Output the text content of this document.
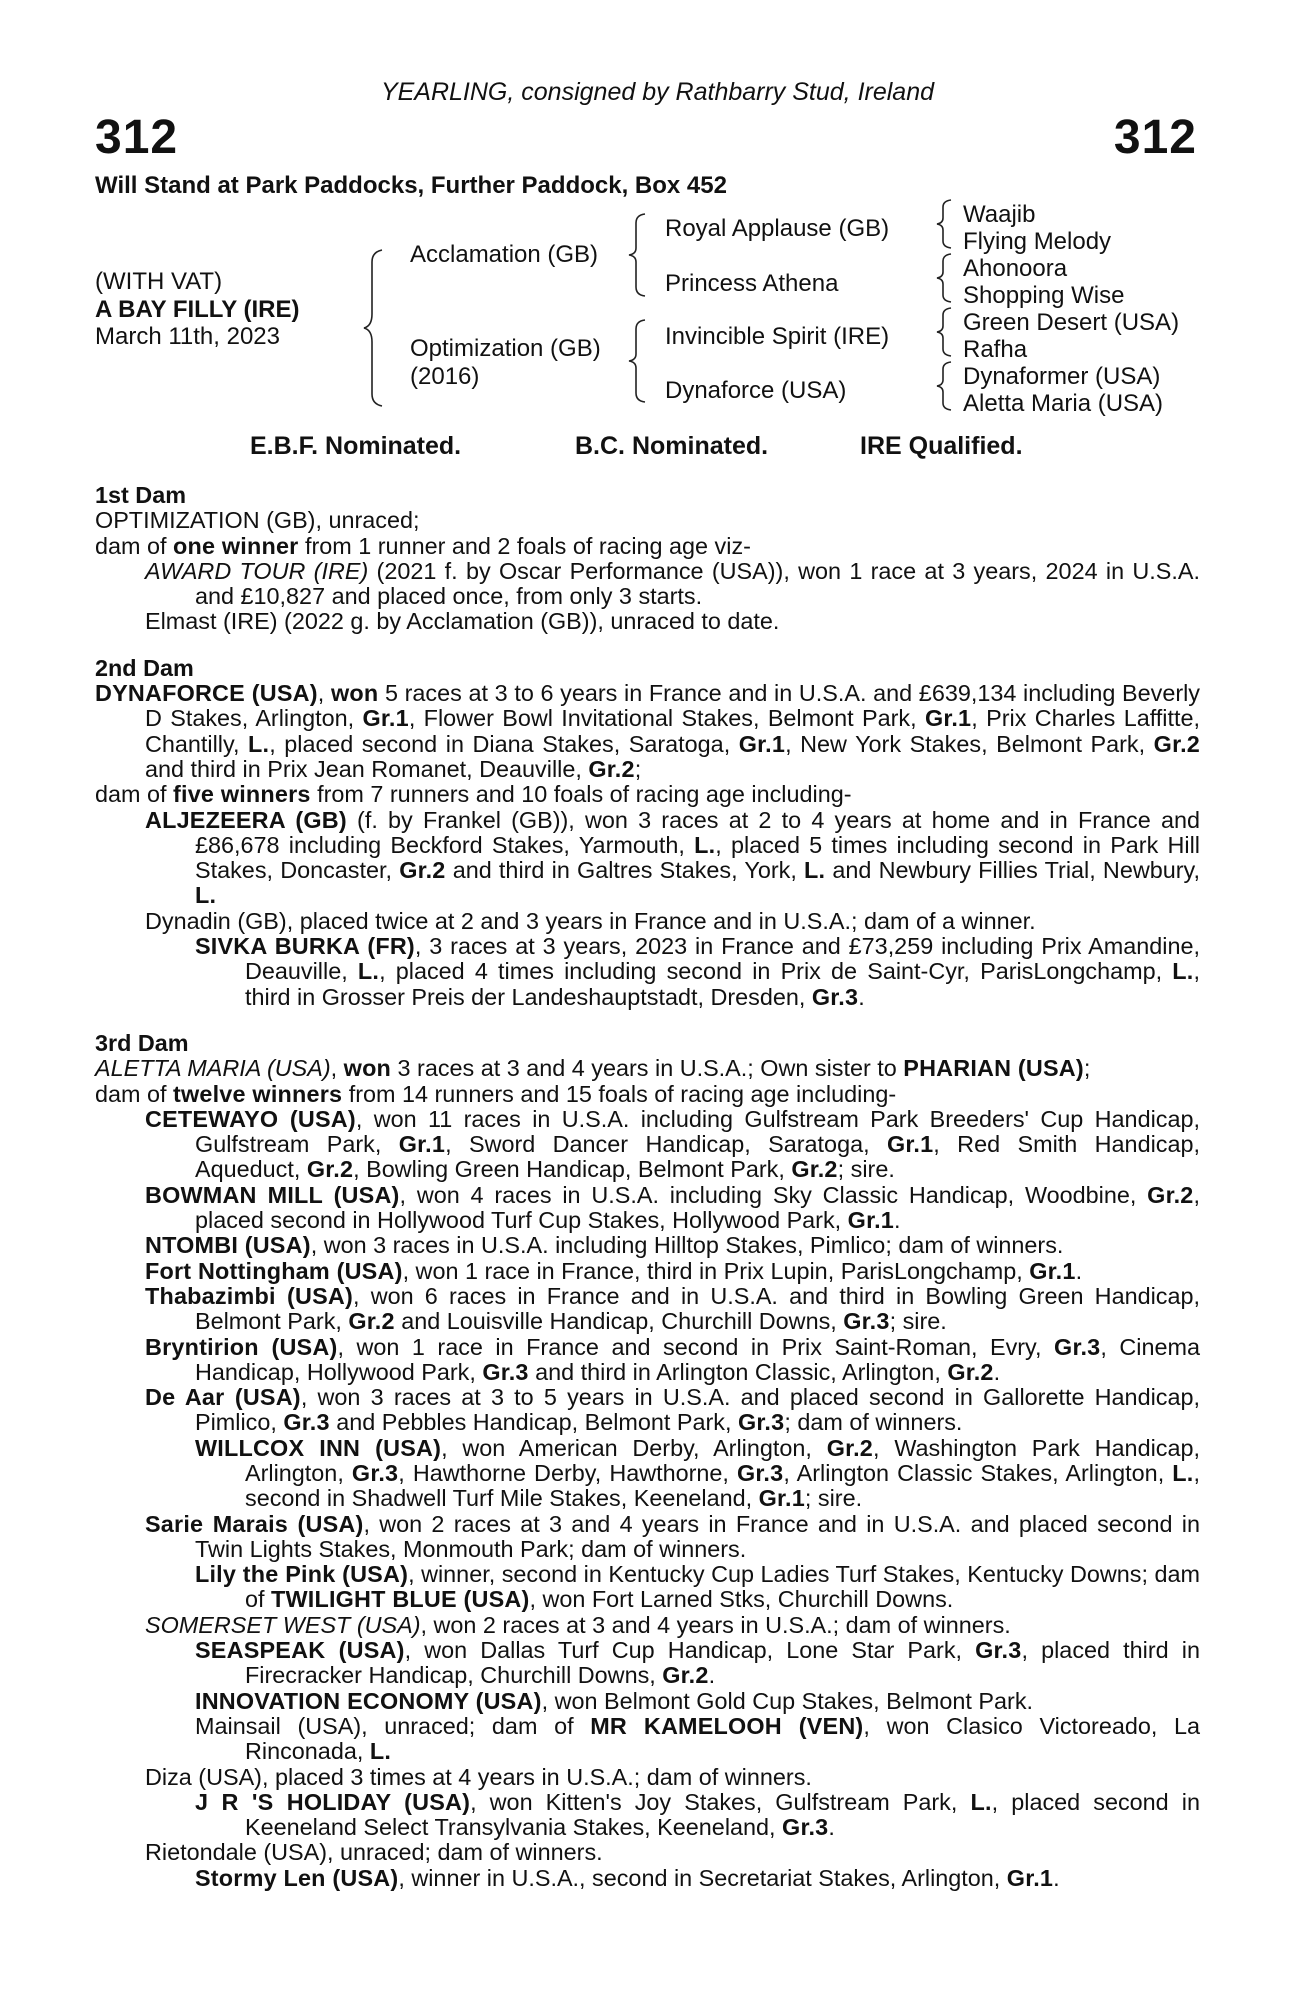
YEARLING, consigned by Rathbarry Stud, Ireland
312	312
Will Stand at Park Paddocks, Further Paddock, Box 452
(WITH VAT)
A BAY FILLY (IRE)
March 11th, 2023
Acclamation (GB)
Optimization (GB)
(2016)
Royal Applause (GB)
Princess Athena
Invincible Spirit (IRE)
Dynaforce (USA)
Waajib
Flying Melody
Ahonoora
Shopping Wise
Green Desert (USA)
Rafha
Dynaformer (USA)
Aletta Maria (USA)
E.B.F. Nominated.	B.C. Nominated.	IRE Qualified.

1st Dam

OPTIMIZATION (GB), unraced;

dam of one winner from 1 runner and 2 foals of racing age viz-

AWARD TOUR (IRE) (2021 f. by Oscar Performance (USA)), won 1 race at 3 years, 2024 in U.S.A. and £10,827 and placed once, from only 3 starts.

Elmast (IRE) (2022 g. by Acclamation (GB)), unraced to date.

2nd Dam

DYNAFORCE (USA), won 5 races at 3 to 6 years in France and in U.S.A. and £639,134 including Beverly D Stakes, Arlington, Gr.1, Flower Bowl Invitational Stakes, Belmont Park, Gr.1, Prix Charles Laffitte, Chantilly, L., placed second in Diana Stakes, Saratoga, Gr.1, New York Stakes, Belmont Park, Gr.2 and third in Prix Jean Romanet, Deauville, Gr.2;

dam of five winners from 7 runners and 10 foals of racing age including-

ALJEZEERA (GB) (f. by Frankel (GB)), won 3 races at 2 to 4 years at home and in France and £86,678 including Beckford Stakes, Yarmouth, L., placed 5 times including second in Park Hill Stakes, Doncaster, Gr.2 and third in Galtres Stakes, York, L. and Newbury Fillies Trial, Newbury, L.

Dynadin (GB), placed twice at 2 and 3 years in France and in U.S.A.; dam of a winner.

SIVKA BURKA (FR), 3 races at 3 years, 2023 in France and £73,259 including Prix Amandine, Deauville, L., placed 4 times including second in Prix de Saint-Cyr, ParisLongchamp, L., third in Grosser Preis der Landeshauptstadt, Dresden, Gr.3.

3rd Dam

ALETTA MARIA (USA), won 3 races at 3 and 4 years in U.S.A.; Own sister to PHARIAN (USA);

dam of twelve winners from 14 runners and 15 foals of racing age including-

CETEWAYO (USA), won 11 races in U.S.A. including Gulfstream Park Breeders' Cup Handicap, Gulfstream Park, Gr.1, Sword Dancer Handicap, Saratoga, Gr.1, Red Smith Handicap, Aqueduct, Gr.2, Bowling Green Handicap, Belmont Park, Gr.2; sire.

BOWMAN MILL (USA), won 4 races in U.S.A. including Sky Classic Handicap, Woodbine, Gr.2, placed second in Hollywood Turf Cup Stakes, Hollywood Park, Gr.1.

NTOMBI (USA), won 3 races in U.S.A. including Hilltop Stakes, Pimlico; dam of winners.

Fort Nottingham (USA), won 1 race in France, third in Prix Lupin, ParisLongchamp, Gr.1.

Thabazimbi (USA), won 6 races in France and in U.S.A. and third in Bowling Green Handicap, Belmont Park, Gr.2 and Louisville Handicap, Churchill Downs, Gr.3; sire.

Bryntirion (USA), won 1 race in France and second in Prix Saint-Roman, Evry, Gr.3, Cinema Handicap, Hollywood Park, Gr.3 and third in Arlington Classic, Arlington, Gr.2.

De Aar (USA), won 3 races at 3 to 5 years in U.S.A. and placed second in Gallorette Handicap, Pimlico, Gr.3 and Pebbles Handicap, Belmont Park, Gr.3; dam of winners.

WILLCOX INN (USA), won American Derby, Arlington, Gr.2, Washington Park Handicap, Arlington, Gr.3, Hawthorne Derby, Hawthorne, Gr.3, Arlington Classic Stakes, Arlington, L., second in Shadwell Turf Mile Stakes, Keeneland, Gr.1; sire.

Sarie Marais (USA), won 2 races at 3 and 4 years in France and in U.S.A. and placed second in Twin Lights Stakes, Monmouth Park; dam of winners.

Lily the Pink (USA), winner, second in Kentucky Cup Ladies Turf Stakes, Kentucky Downs; dam of TWILIGHT BLUE (USA), won Fort Larned Stks, Churchill Downs.

SOMERSET WEST (USA), won 2 races at 3 and 4 years in U.S.A.; dam of winners.

SEASPEAK (USA), won Dallas Turf Cup Handicap, Lone Star Park, Gr.3, placed third in Firecracker Handicap, Churchill Downs, Gr.2.

INNOVATION ECONOMY (USA), won Belmont Gold Cup Stakes, Belmont Park.

Mainsail (USA), unraced; dam of MR KAMELOOH (VEN), won Clasico Victoreado, La Rinconada, L.

Diza (USA), placed 3 times at 4 years in U.S.A.; dam of winners.

J R 'S HOLIDAY (USA), won Kitten's Joy Stakes, Gulfstream Park, L., placed second in Keeneland Select Transylvania Stakes, Keeneland, Gr.3.

Rietondale (USA), unraced; dam of winners.

Stormy Len (USA), winner in U.S.A., second in Secretariat Stakes, Arlington, Gr.1.
